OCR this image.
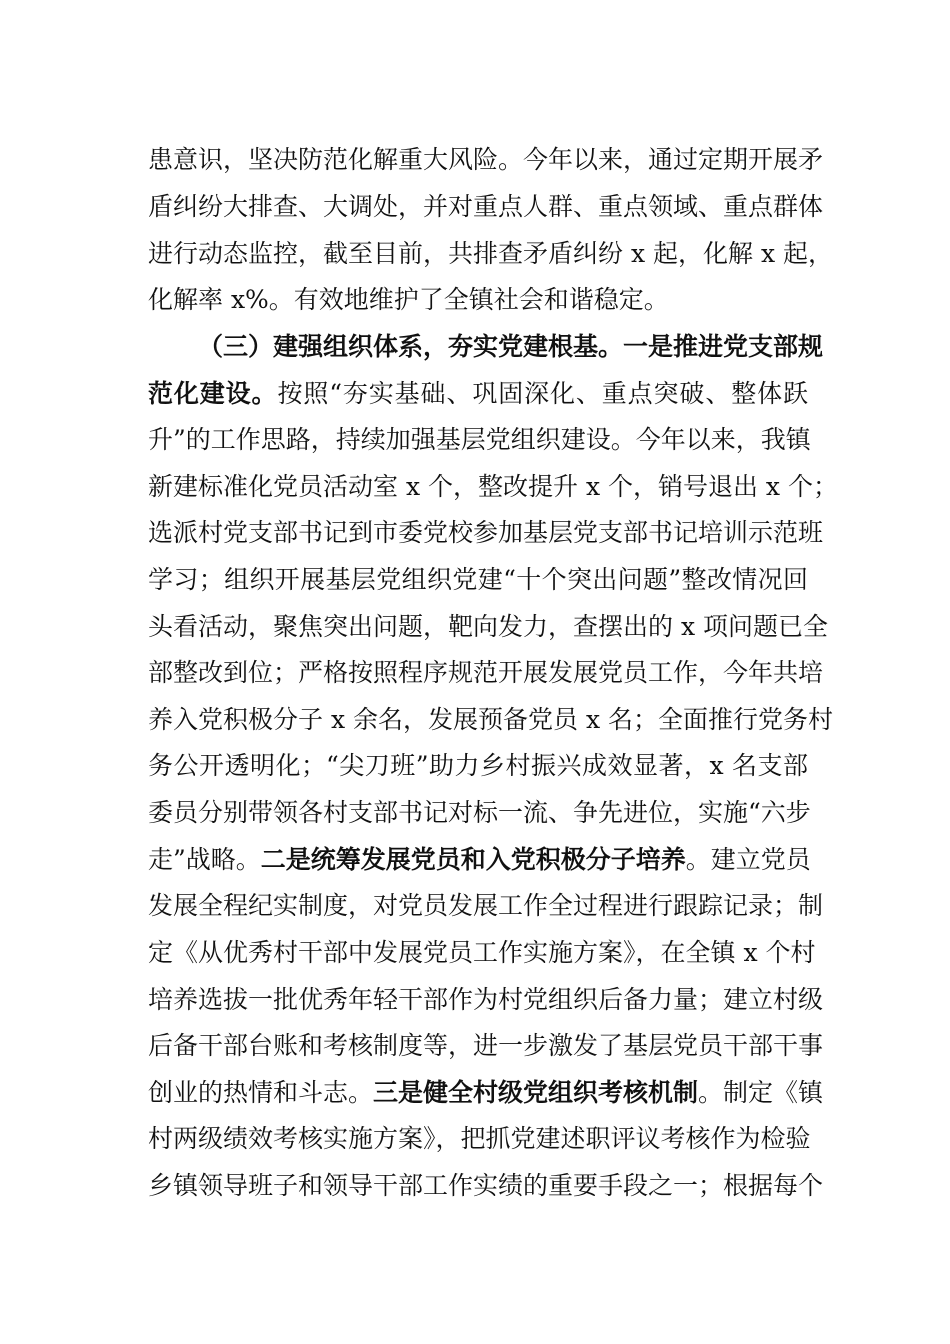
患意识，坚决防范化解重大风险。今年以来，通过定期开展矛
盾纠纷大排查、大调处，并对重点人群、重点领域、重点群体
进行动态监控，截至目前，共排查矛盾纠纷 x 起，化解 x 起，
化解率 x%。有效地维护了全镇社会和谐稳定。
（三）建强组织体系，夯实党建根基。一是推进党支部规
范化建设。按照“夯实基础、巩固深化、重点突破、整体跃
升”的工作思路，持续加强基层党组织建设。今年以来，我镇
新建标准化党员活动室 x 个，整改提升 x 个，销号退出 x 个；
选派村党支部书记到市委党校参加基层党支部书记培训示范班
学习；组织开展基层党组织党建“十个突出问题”整改情况回
头看活动，聚焦突出问题，靶向发力，查摆出的 x 项问题已全
部整改到位；严格按照程序规范开展发展党员工作，今年共培
养入党积极分子 x 余名，发展预备党员 x 名；全面推行党务村
务公开透明化；“尖刀班”助力乡村振兴成效显著，x 名支部
委员分别带领各村支部书记对标一流、争先进位，实施“六步
走”战略。二是统筹发展党员和入党积极分子培养。建立党员
发展全程纪实制度，对党员发展工作全过程进行跟踪记录；制
定《从优秀村干部中发展党员工作实施方案》，在全镇 x 个村
培养选拔一批优秀年轻干部作为村党组织后备力量；建立村级
后备干部台账和考核制度等，进一步激发了基层党员干部干事
创业的热情和斗志。三是健全村级党组织考核机制。制定《镇
村两级绩效考核实施方案》，把抓党建述职评议考核作为检验
乡镇领导班子和领导干部工作实绩的重要手段之一；根据每个
